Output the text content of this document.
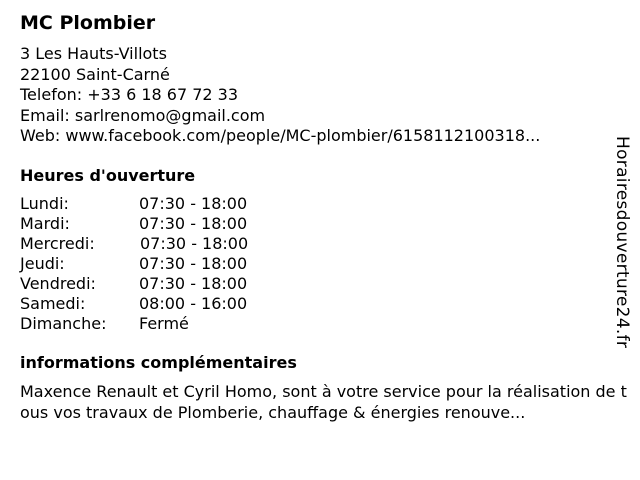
MC Plombier
3 Les Hauts-Villots
22100 Saint-Carné
Telefon: +33 6 18 67 72 33
Email: sarlrenomo@gmail.com
Web: www.facebook.com/people/MC-plombier/6158112100318...
Heures d'ouverture
Lundi:	07:30 - 18:00
Mardi:	07:30 - 18:00
Mercredi:	07:30 - 18:00
Jeudi:	07:30 - 18:00
Vendredi:	07:30 - 18:00
Samedi:	08:00 - 16:00
Dimanche: Fermé
informations complémentaires
Maxence Renault et Cyril Homo, sont à votre service pour la réalisation de tous vos travaux de Plomberie, chauffage & énergies renouve...
Horairesdouverture24.fr
